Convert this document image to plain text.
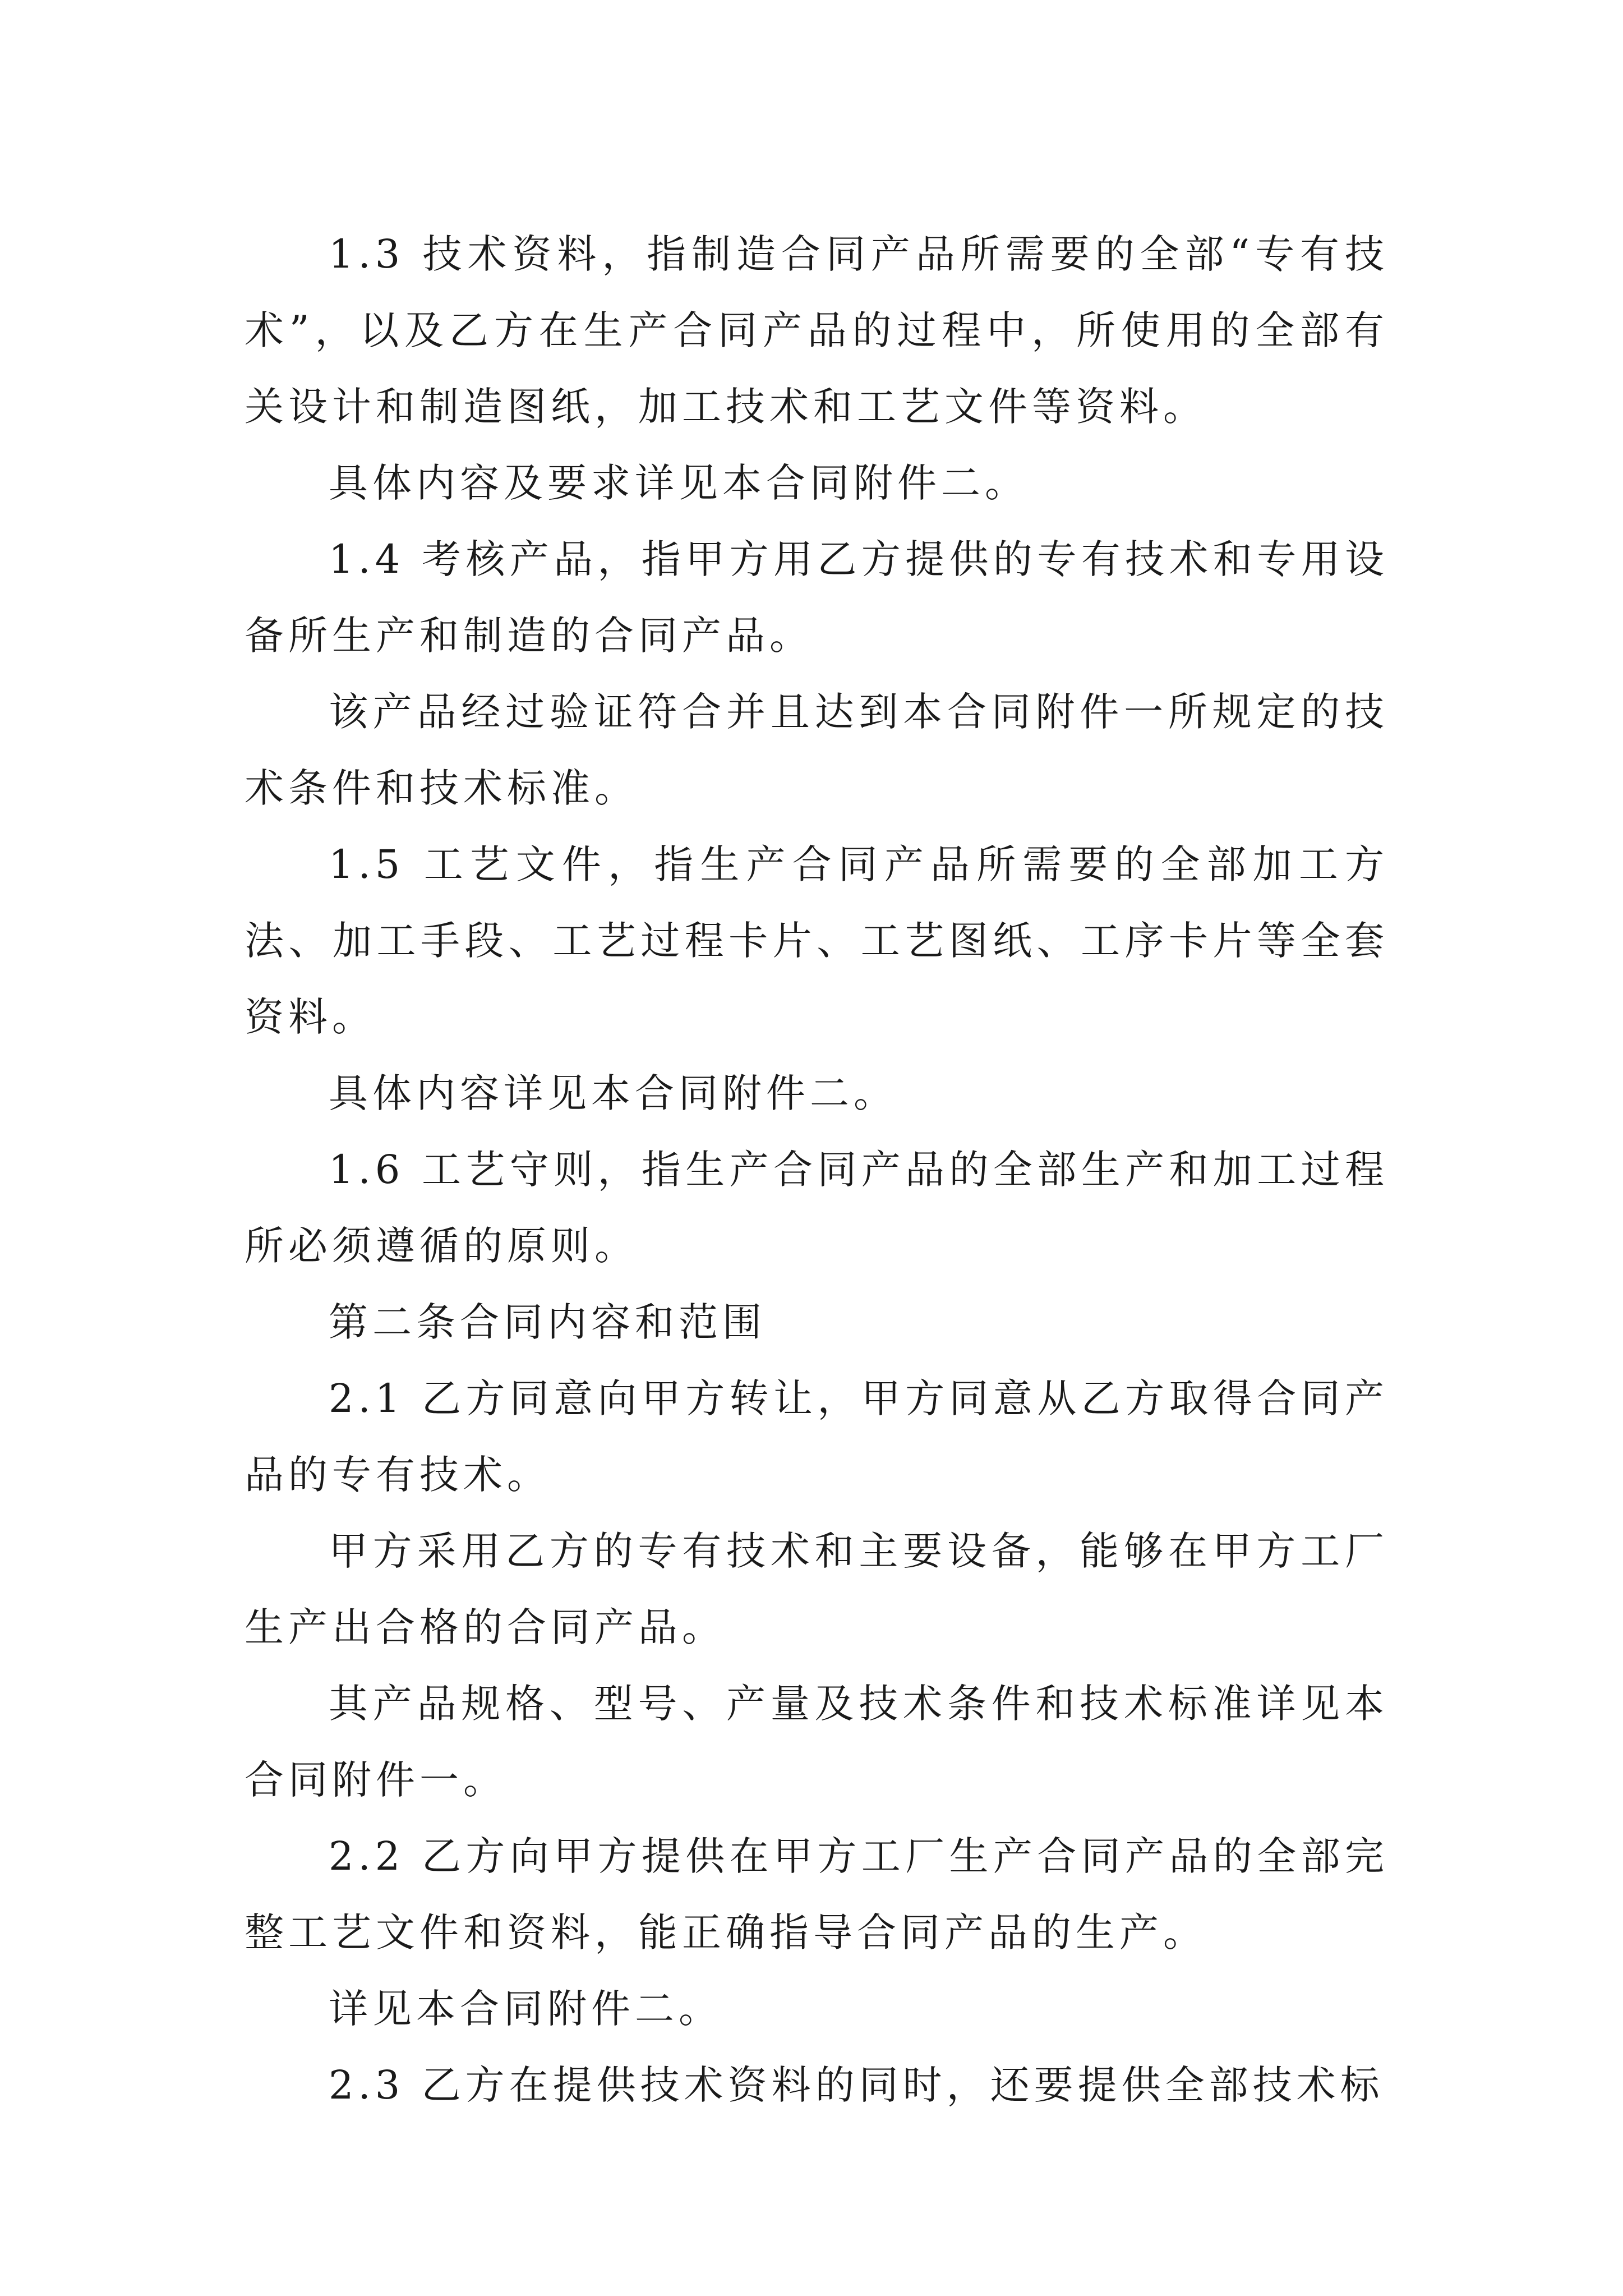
1.3 技术资料，指制造合同产品所需要的全部“专有技术”，以及乙方在生产合同产品的过程中，所使用的全部有关设计和制造图纸，加工技术和工艺文件等资料。

具体内容及要求详见本合同附件二。

1.4 考核产品，指甲方用乙方提供的专有技术和专用设备所生产和制造的合同产品。

该产品经过验证符合并且达到本合同附件一所规定的技术条件和技术标准。

1.5 工艺文件，指生产合同产品所需要的全部加工方法、加工手段、工艺过程卡片、工艺图纸、工序卡片等全套资料。

具体内容详见本合同附件二。

1.6 工艺守则，指生产合同产品的全部生产和加工过程所必须遵循的原则。

第二条合同内容和范围

2.1 乙方同意向甲方转让，甲方同意从乙方取得合同产品的专有技术。

甲方采用乙方的专有技术和主要设备，能够在甲方工厂生产出合格的合同产品。

其产品规格、型号、产量及技术条件和技术标准详见本合同附件一。

2.2 乙方向甲方提供在甲方工厂生产合同产品的全部完整工艺文件和资料，能正确指导合同产品的生产。

详见本合同附件二。

2.3 乙方在提供技术资料的同时，还要提供全部技术标
